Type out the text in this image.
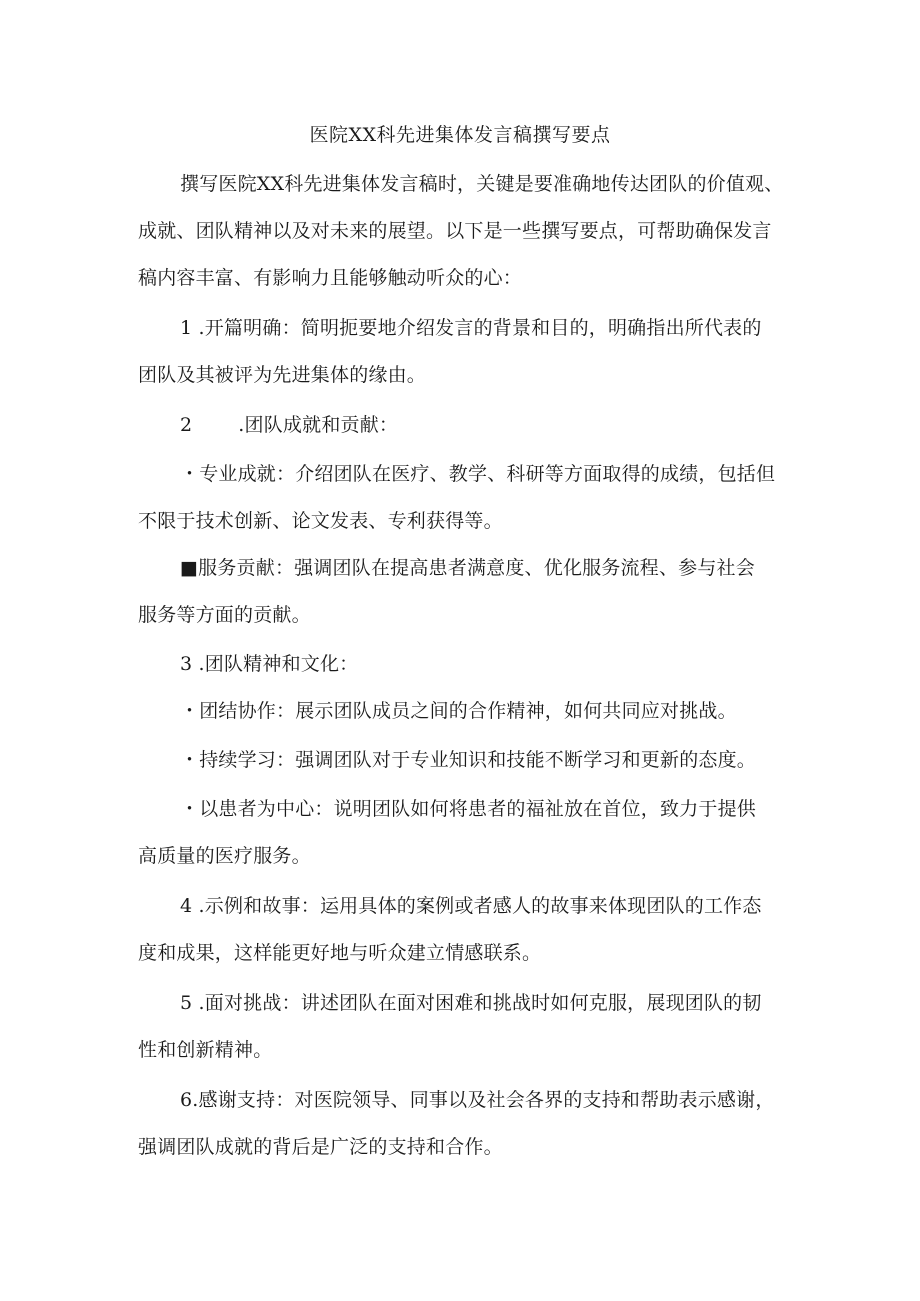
医院XX科先进集体发言稿撰写要点
撰写医院XX科先进集体发言稿时，关键是要准确地传达团队的价值观、
成就、团队精神以及对未来的展望。以下是一些撰写要点，可帮助确保发言
稿内容丰富、有影响力且能够触动听众的心：
1 .开篇明确：简明扼要地介绍发言的背景和目的，明确指出所代表的
团队及其被评为先进集体的缘由。
2 .团队成就和贡献：
・专业成就：介绍团队在医疗、教学、科研等方面取得的成绩，包括但
不限于技术创新、论文发表、专利获得等。
■服务贡献：强调团队在提高患者满意度、优化服务流程、参与社会
服务等方面的贡献。
3 .团队精神和文化：
・团结协作：展示团队成员之间的合作精神，如何共同应对挑战。
・持续学习：强调团队对于专业知识和技能不断学习和更新的态度。
・以患者为中心：说明团队如何将患者的福祉放在首位，致力于提供
高质量的医疗服务。
4 .示例和故事：运用具体的案例或者感人的故事来体现团队的工作态
度和成果，这样能更好地与听众建立情感联系。
5 .面对挑战：讲述团队在面对困难和挑战时如何克服，展现团队的韧
性和创新精神。
6.感谢支持：对医院领导、同事以及社会各界的支持和帮助表示感谢，
强调团队成就的背后是广泛的支持和合作。
